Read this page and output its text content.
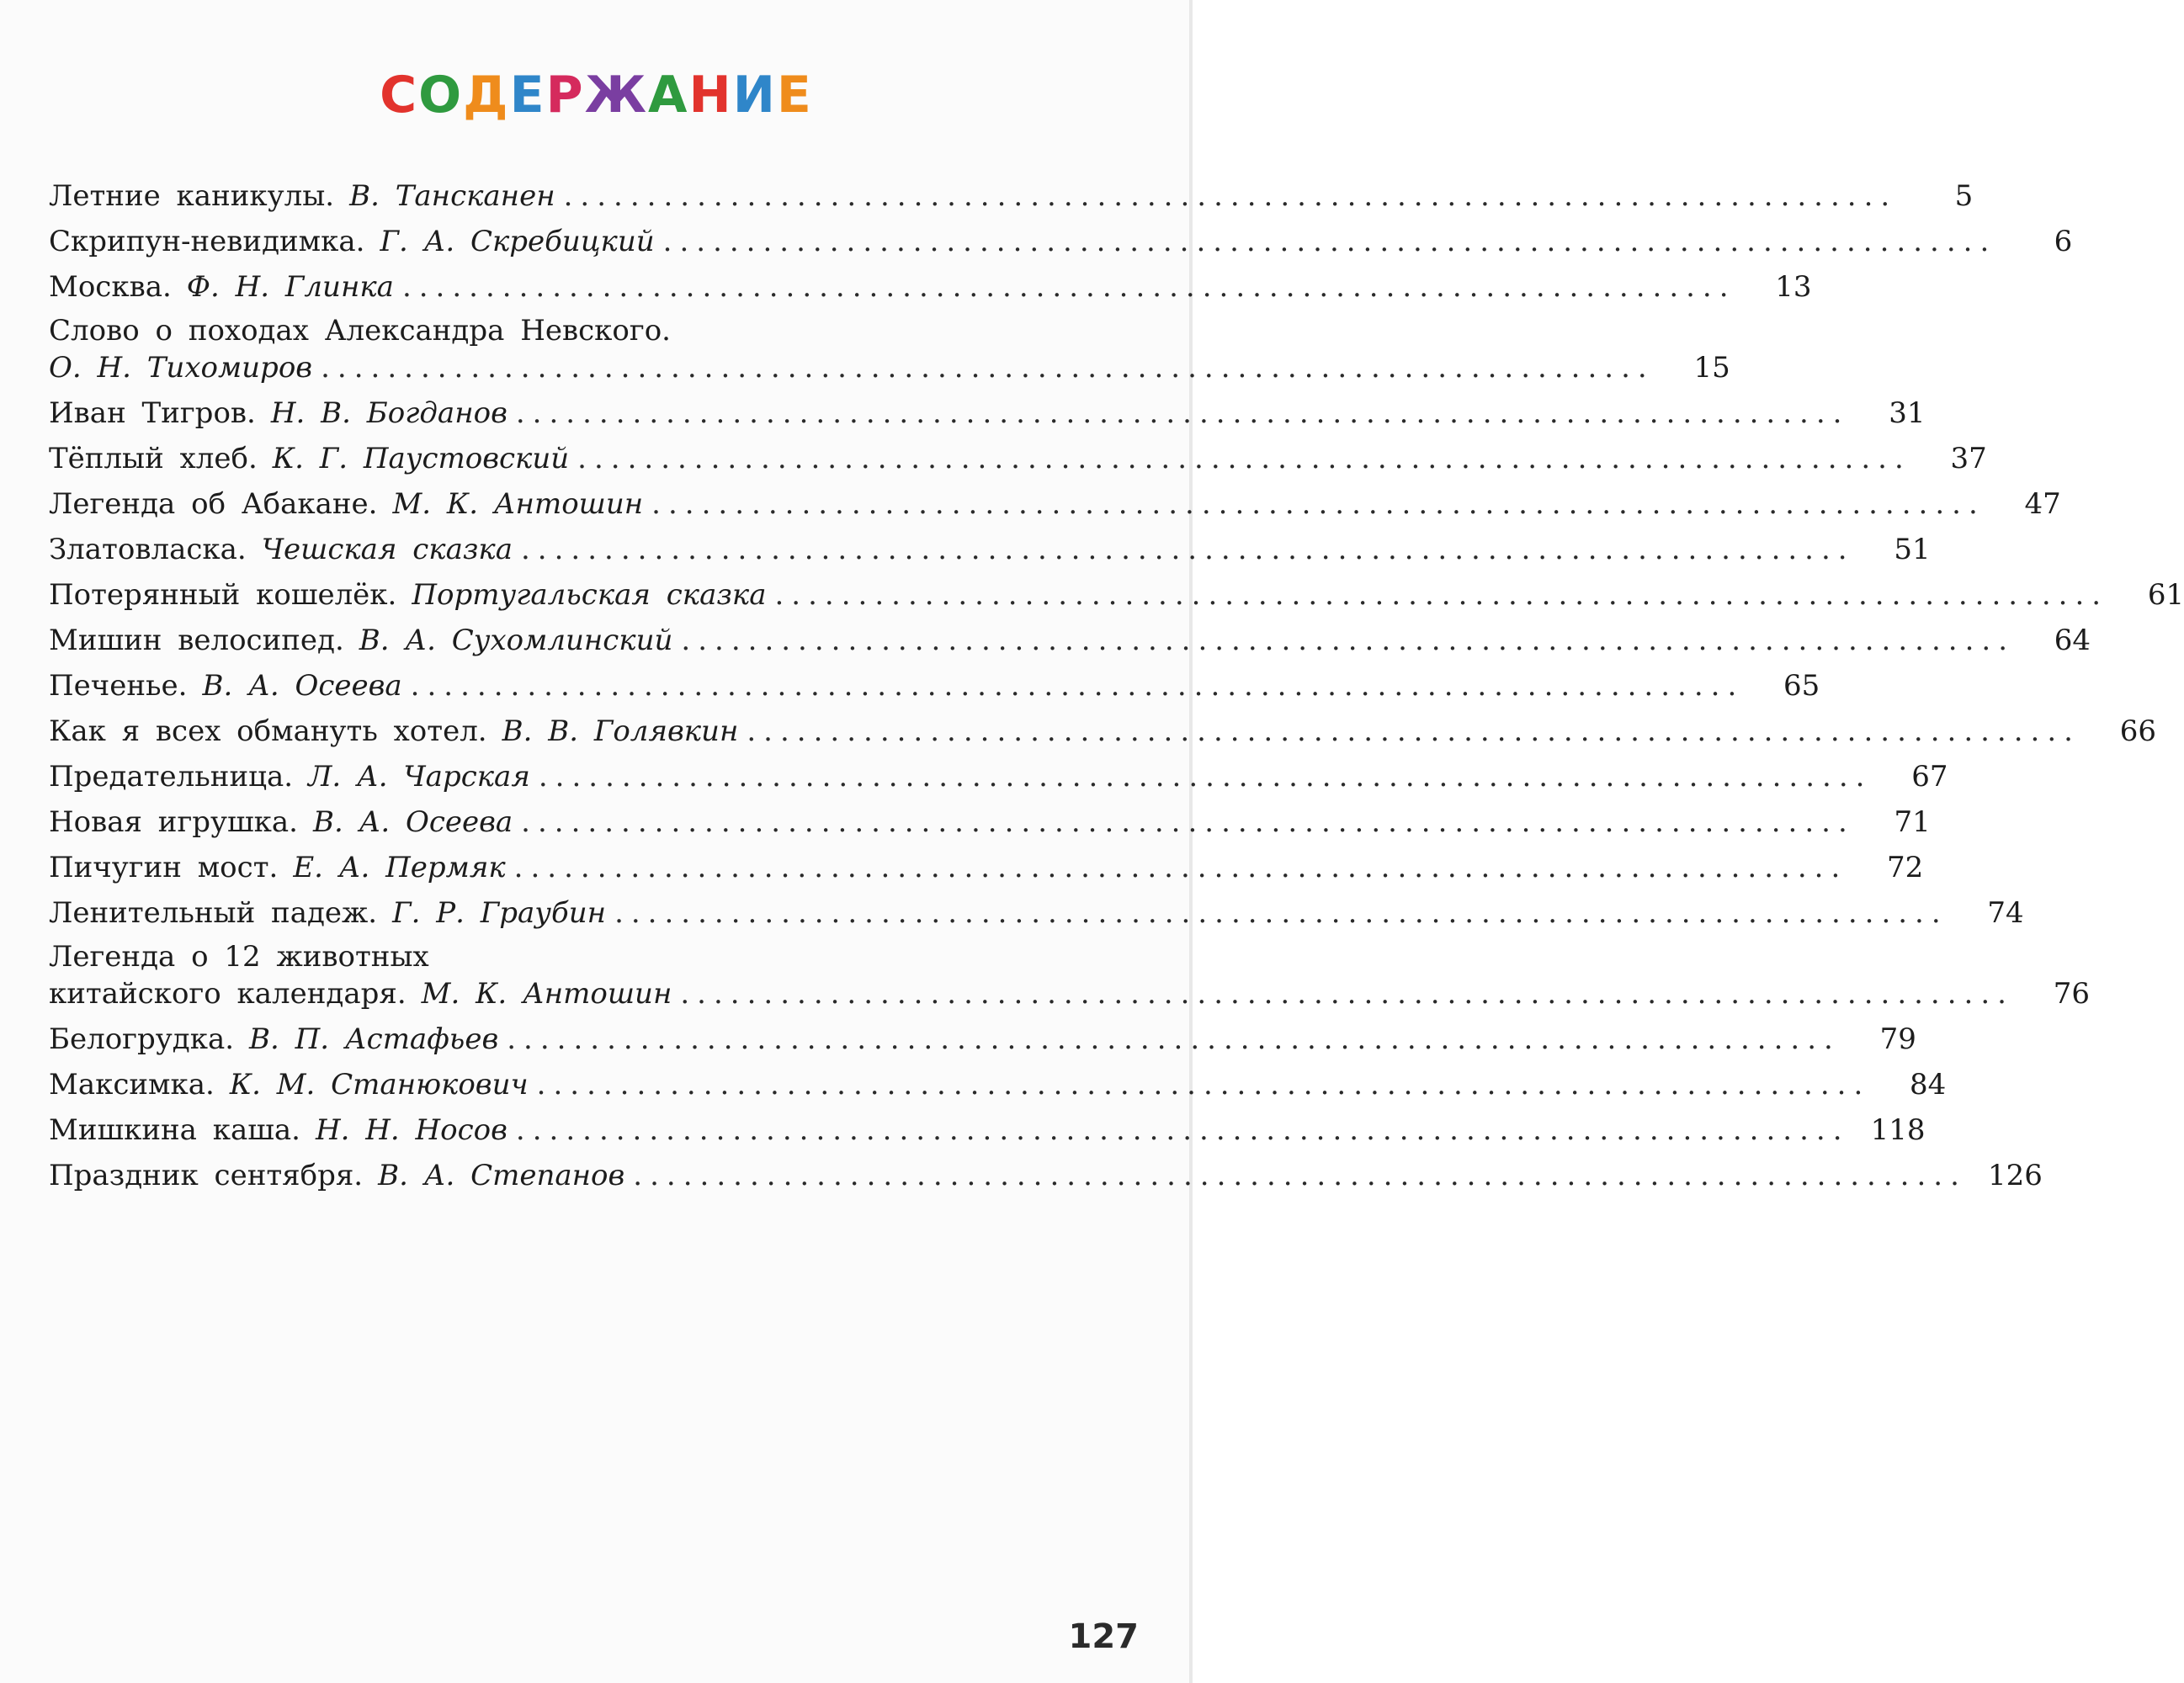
СОДЕРЖАНИЕ
Летние каникулы. В. Тансканен ................................................................................	5
Скрипун-невидимка. Г. А. Скребицкий ................................................................................	6
Москва. Ф. Н. Глинка ................................................................................	13
Слово о походах Александра Невского.
О. Н. Тихомиров ................................................................................	15
Иван Тигров. Н. В. Богданов ................................................................................	31
Тёплый хлеб. К. Г. Паустовский ................................................................................	37
Легенда об Абакане. М. К. Антошин ................................................................................	47
Златовласка. Чешская сказка ................................................................................	51
Потерянный кошелёк. Португальская сказка ................................................................................	61
Мишин велосипед. В. А. Сухомлинский ................................................................................	64
Печенье. В. А. Осеева ................................................................................	65
Как я всех обмануть хотел. В. В. Голявкин ................................................................................	66
Предательница. Л. А. Чарская ................................................................................	67
Новая игрушка. В. А. Осеева ................................................................................	71
Пичугин мост. Е. А. Пермяк ................................................................................	72
Ленительный падеж. Г. Р. Граубин ................................................................................	74
Легенда о 12 животных
китайского календаря. М. К. Антошин ................................................................................	76
Белогрудка. В. П. Астафьев ................................................................................	79
Максимка. К. М. Станюкович ................................................................................	84
Мишкина каша. Н. Н. Носов ................................................................................ 118
Праздник сентября. В. А. Степанов ................................................................................ 126
127
